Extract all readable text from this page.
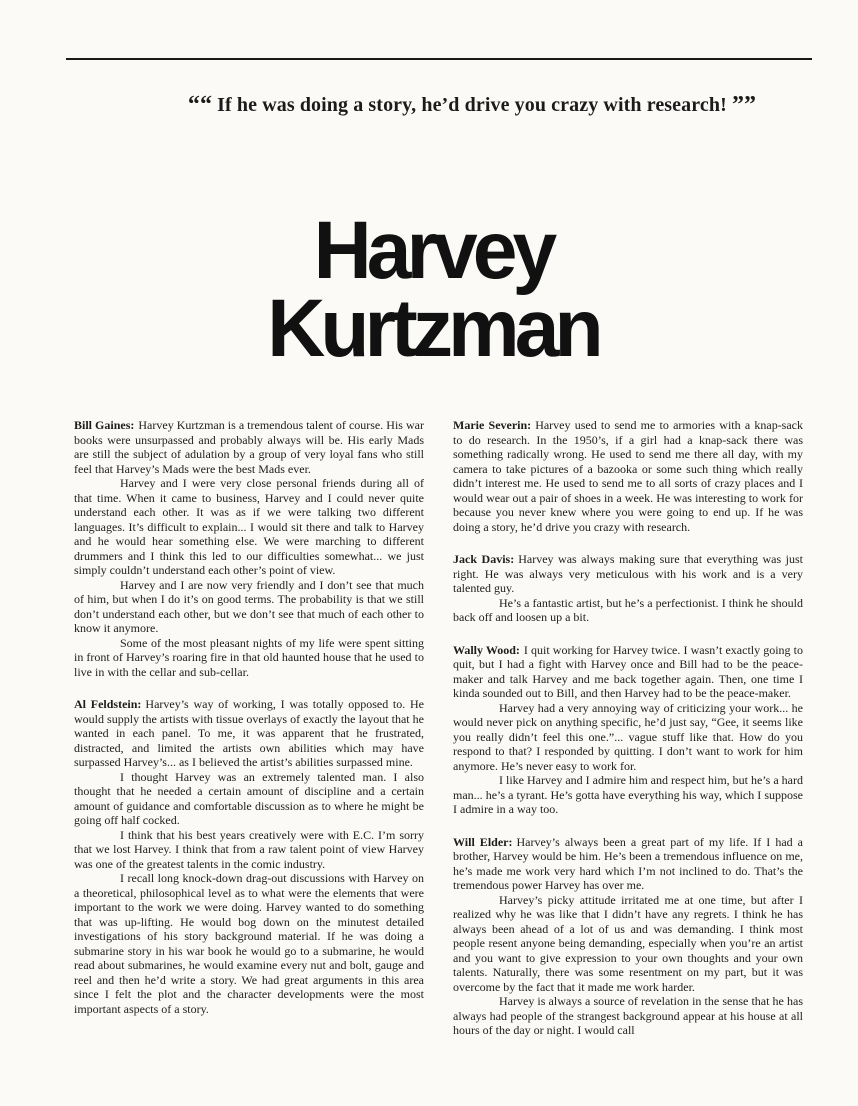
““ If he was doing a story, he’d drive you crazy with research! ””
Harvey
Kurtzman

Bill Gaines: Harvey Kurtzman is a tremendous talent of course. His war books were unsurpassed and probably always will be. His early Mads are still the subject of adulation by a group of very loyal fans who still feel that Harvey’s Mads were the best Mads ever.

Harvey and I were very close personal friends during all of that time. When it came to business, Harvey and I could never quite understand each other. It was as if we were talking two different languages. It’s difficult to explain... I would sit there and talk to Harvey and he would hear something else. We were marching to different drummers and I think this led to our difficulties somewhat... we just simply couldn’t understand each other’s point of view.

Harvey and I are now very friendly and I don’t see that much of him, but when I do it’s on good terms. The probability is that we still don’t understand each other, but we don’t see that much of each other to know it anymore.

Some of the most pleasant nights of my life were spent sitting in front of Harvey’s roaring fire in that old haunted house that he used to live in with the cellar and sub-cellar.

Al Feldstein: Harvey’s way of working, I was totally opposed to. He would supply the artists with tissue overlays of exactly the layout that he wanted in each panel. To me, it was apparent that he frustrated, distracted, and limited the artists own abilities which may have surpassed Harvey’s... as I believed the artist’s abilities surpassed mine.

I thought Harvey was an extremely talented man. I also thought that he needed a certain amount of discipline and a certain amount of guidance and comfortable discussion as to where he might be going off half cocked.

I think that his best years creatively were with E.C. I’m sorry that we lost Harvey. I think that from a raw talent point of view Harvey was one of the greatest talents in the comic industry.

I recall long knock-down drag-out discussions with Harvey on a theoretical, philosophical level as to what were the elements that were important to the work we were doing. Harvey wanted to do something that was up-lifting. He would bog down on the minutest detailed investigations of his story background material. If he was doing a submarine story in his war book he would go to a submarine, he would read about submarines, he would examine every nut and bolt, gauge and reel and then he’d write a story. We had great arguments in this area since I felt the plot and the character developments were the most important aspects of a story.

Marie Severin: Harvey used to send me to armories with a knap-sack to do research. In the 1950’s, if a girl had a knap-sack there was something radically wrong. He used to send me there all day, with my camera to take pictures of a bazooka or some such thing which really didn’t interest me. He used to send me to all sorts of crazy places and I would wear out a pair of shoes in a week. He was interesting to work for because you never knew where you were going to end up. If he was doing a story, he’d drive you crazy with research.

Jack Davis: Harvey was always making sure that everything was just right. He was always very meticulous with his work and is a very talented guy.

He’s a fantastic artist, but he’s a perfectionist. I think he should back off and loosen up a bit.

Wally Wood: I quit working for Harvey twice. I wasn’t exactly going to quit, but I had a fight with Harvey once and Bill had to be the peace-maker and talk Harvey and me back together again. Then, one time I kinda sounded out to Bill, and then Harvey had to be the peace-maker.

Harvey had a very annoying way of criticizing your work... he would never pick on anything specific, he’d just say, “Gee, it seems like you really didn’t feel this one.”... vague stuff like that. How do you respond to that? I responded by quitting. I don’t want to work for him anymore. He’s never easy to work for.

I like Harvey and I admire him and respect him, but he’s a hard man... he’s a tyrant. He’s gotta have everything his way, which I suppose I admire in a way too.

Will Elder: Harvey’s always been a great part of my life. If I had a brother, Harvey would be him. He’s been a tremendous influence on me, he’s made me work very hard which I’m not inclined to do. That’s the tremendous power Harvey has over me.

Harvey’s picky attitude irritated me at one time, but after I realized why he was like that I didn’t have any regrets. I think he has always been ahead of a lot of us and was demanding. I think most people resent anyone being demanding, especially when you’re an artist and you want to give expression to your own thoughts and your own talents. Naturally, there was some resentment on my part, but it was overcome by the fact that it made me work harder.

Harvey is always a source of revelation in the sense that he has always had people of the strangest background appear at his house at all hours of the day or night. I would call
